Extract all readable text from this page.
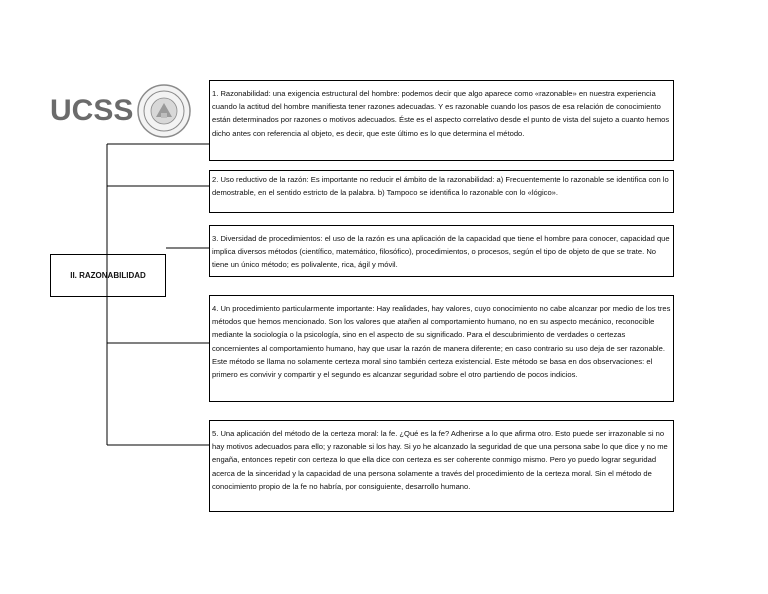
UCSS
II. RAZONABILIDAD
1. Razonabilidad: una exigencia estructural del hombre: podemos decir que algo aparece como «razonable» en nuestra experiencia cuando la actitud del hombre manifiesta tener razones adecuadas. Y es razonable cuando los pasos de esa relación de conocimiento están determinados por razones o motivos adecuados. Éste es el aspecto correlativo desde el punto de vista del sujeto a cuanto hemos dicho antes con referencia al objeto, es decir, que este último es lo que determina el método.
2. Uso reductivo de la razón: Es importante no reducir el ámbito de la razonabilidad: a) Frecuentemente lo razonable se identifica con lo demostrable, en el sentido estricto de la palabra. b) Tampoco se identifica lo razonable con lo «lógico».
3. Diversidad de procedimientos: el uso de la razón es una aplicación de la capacidad que tiene el hombre para conocer, capacidad que implica diversos métodos (científico, matemático, filosófico), procedimientos, o procesos, según el tipo de objeto de que se trate. No tiene un único método; es polivalente, rica, ágil y móvil.
4. Un procedimiento particularmente importante: Hay realidades, hay valores, cuyo conocimiento no cabe alcanzar por medio de los tres métodos que hemos mencionado. Son los valores que atañen al comportamiento humano, no en su aspecto mecánico, reconocible mediante la sociología o la psicología, sino en el aspecto de su significado. Para el descubrimiento de verdades o certezas concernientes al comportamiento humano, hay que usar la razón de manera diferente; en caso contrario su uso deja de ser razonable. Este método se llama no solamente certeza moral sino también certeza existencial. Este método se basa en dos observaciones: el primero es convivir y compartir y el segundo es alcanzar seguridad sobre el otro partiendo de pocos indicios.
5. Una aplicación del método de la certeza moral: la fe. ¿Qué es la fe? Adherirse a lo que afirma otro. Esto puede ser irrazonable si no hay motivos adecuados para ello; y razonable si los hay. Si yo he alcanzado la seguridad de que una persona sabe lo que dice y no me engaña, entonces repetir con certeza lo que ella dice con certeza es ser coherente conmigo mismo. Pero yo puedo lograr seguridad acerca de la sinceridad y la capacidad de una persona solamente a través del procedimiento de la certeza moral. Sin el método de conocimiento propio de la fe no habría, por consiguiente, desarrollo humano.
